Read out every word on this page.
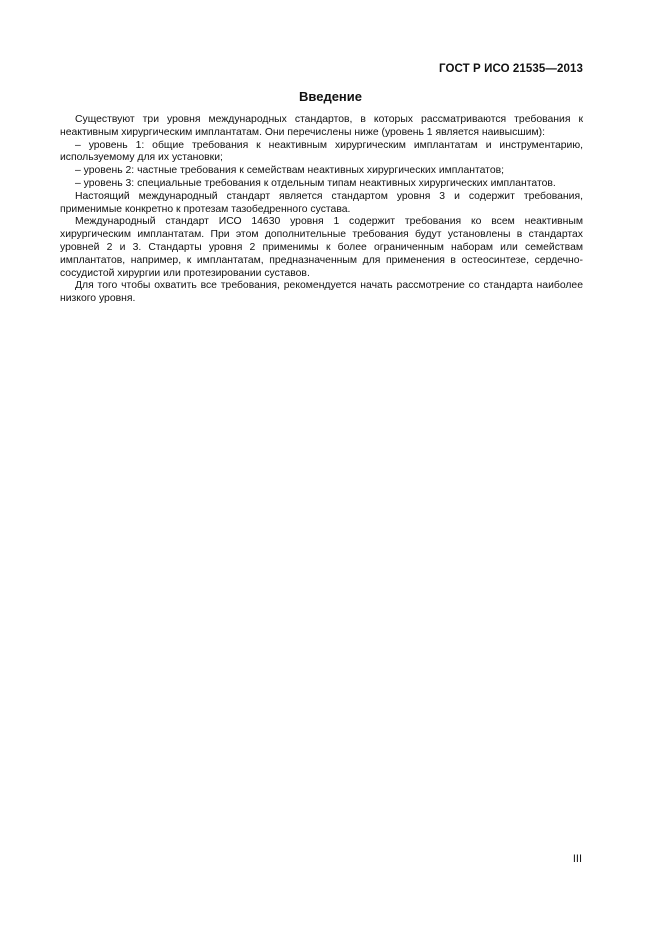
ГОСТ Р ИСО 21535—2013
Введение

Существуют три уровня международных стандартов, в которых рассматриваются требования к неактивным хирургическим имплантатам. Они перечислены ниже (уровень 1 является наивысшим):

– уровень 1: общие требования к неактивным хирургическим имплантатам и инструментарию, используемому для их установки;

– уровень 2: частные требования к семействам неактивных хирургических имплантатов;

– уровень 3: специальные требования к отдельным типам неактивных хирургических имплантатов.

Настоящий международный стандарт является стандартом уровня 3 и содержит требования, применимые конкретно к протезам тазобедренного сустава.

Международный стандарт ИСО 14630 уровня 1 содержит требования ко всем неактивным хирургическим имплантатам. При этом дополнительные требования будут установлены в стандартах уровней 2 и 3. Стандарты уровня 2 применимы к более ограниченным наборам или семействам имплантатов, например, к имплантатам, предназначенным для применения в остеосинтезе, сердечно-сосудистой хирургии или протезировании суставов.

Для того чтобы охватить все требования, рекомендуется начать рассмотрение со стандарта наиболее низкого уровня.

III
